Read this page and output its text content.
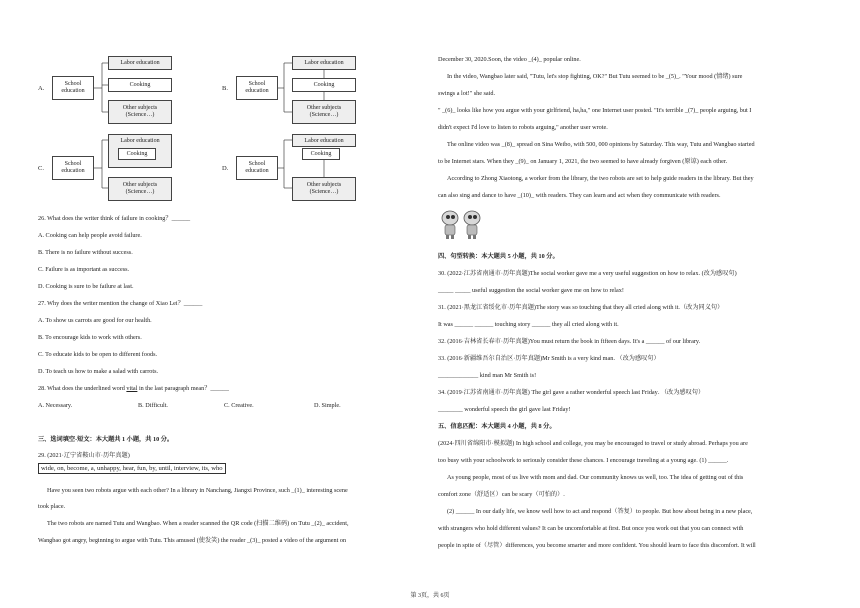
A.
School
education
Labor education
Cooking
Other subjects
(Science…)
B.
School
education
Labor education
Cooking
Other subjects
(Science…)
C.
School
education
Labor education
Cooking
Other subjects
(Science…)
D.
School
education
Labor education
Cooking
Other subjects
(Science…)
26. What does the writer think of failure in cooking？______
A. Cooking can help people avoid failure.
B. There is no failure without success.
C. Failure is as important as success.
D. Cooking is sure to be failure at last.
27. Why does the writer mention the change of Xiao Lei？______
A. To show us carrots are good for our health.
B. To encourage kids to work with others.
C. To educate kids to be open to different foods.
D. To teach us how to make a salad with carrots.
28. What does the underlined word vital in the last paragraph mean？______
A. Necessary.	B. Difficult.	C. Creative.	D. Simple.
三、选词填空-短文：本大题共 1 小题，共 10 分。
29. (2021·辽宁省鞍山市·历年真题)
wide, on, become, a, unhappy, hear, fun, by, until, interview, its, who
Have you seen two robots argue with each other? In a library in Nanchang, Jiangxi Province, such _(1)_ interesting scene
took place.
The two robots are named Tutu and Wangbao. When a reader scanned the QR code (扫描二维码) on Tutu _(2)_ accident,
Wangbao got angry, beginning to argue with Tutu. This amused (使发笑) the reader _(3)_ posted a video of the argument on
December 30, 2020.Soon, the video _(4)_ popular online.
In the video, Wangbao later said, "Tutu, let's stop fighting, OK?" But Tutu seemed to be _(5)_. "Your mood (情绪) sure
swings a lot!" she said.
" _(6)_ looks like how you argue with your girlfriend, ha,ha," one Internet user posted. "It's terrible _(7)_ people arguing, but I
didn't expect I'd love to listen to robots arguing," another user wrote.
The online video was _(8)_ spread on Sina Weibo, with 500, 000 opinions by Saturday. This way, Tutu and Wangbao started
to be Internet stars. When they _(9)_ on January 1, 2021, the two seemed to have already forgiven (原谅) each other.
According to Zhong Xiaotong, a worker from the library, the two robots are set to help guide readers in the library. But they
can also sing and dance to have _(10)_ with readers. They can learn and act when they communicate with readers.
四、句型转换：本大题共 5 小题，共 10 分。
30. (2022·江苏省南通市·历年真题)The social worker gave me a very useful suggestion on how to relax. (改为感叹句)
_____ _____ useful suggestion the social worker gave me on how to relax!
31. (2021·黑龙江省绥化市·历年真题)The story was so touching that they all cried along with it.（改为同义句）
It was ______ ______ touching story ______ they all cried along with it.
32. (2016·吉林省长春市·历年真题)You must return the book in fifteen days. It's a ______ of our library.
33. (2016·新疆维吾尔自治区·历年真题)Mr Smith is a very kind man．（改为感叹句）
_____________ kind man Mr Smith is!
34. (2019·江苏省南通市·历年真题) The girl gave a rather wonderful speech last Friday．（改为感叹句）
________ wonderful speech the girl gave last Friday!
五、信息匹配：本大题共 4 小题，共 8 分。
(2024·四川省绵阳市·模拟题) In high school and college, you may be encouraged to travel or study abroad. Perhaps you are
too busy with your schoolwork to seriously consider these chances. I encourage traveling at a young age. (1) ______.
As young people, most of us live with mom and dad. Our community knows us well, too. The idea of getting out of this
comfort zone（舒适区）can be scary（可怕的）.
(2) ______ In our daily life, we know well how to act and respond（答复）to people. But how about being in a new place,
with strangers who hold different values? It can be uncomfortable at first. But once you work out that you can connect with
people in spite of（尽管）differences, you become smarter and more confident. You should learn to face this discomfort. It will
第 3页，共 6页
